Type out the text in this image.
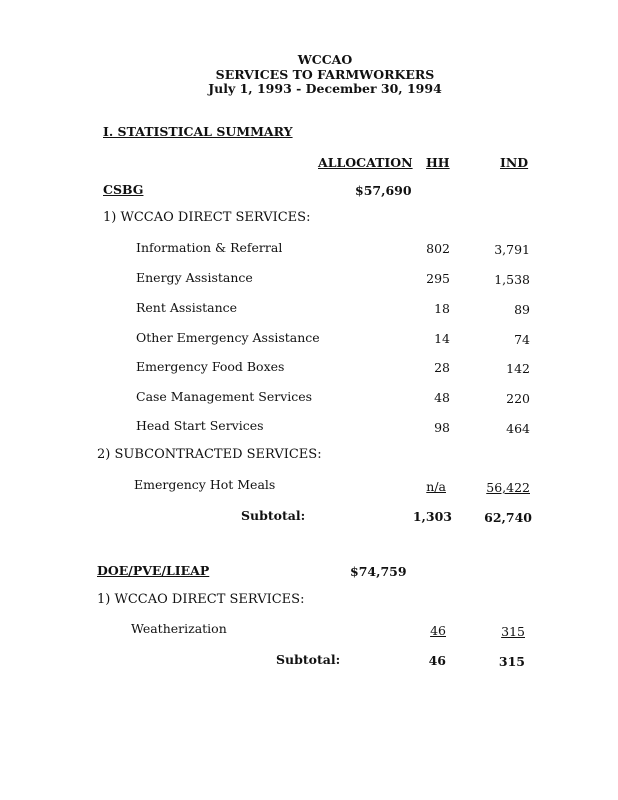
WCCAO
SERVICES TO FARMWORKERS
July 1, 1993 - December 30, 1994
I. STATISTICAL SUMMARY
ALLOCATION HH	IND
CSBG	$57,690
1) WCCAO DIRECT SERVICES:
Information & Referral	802	3,791
Energy Assistance	295	1,538
Rent Assistance	18	89
Other Emergency Assistance	14	74
Emergency Food Boxes	28	142
Case Management Services	48	220
Head Start Services	98	464
2) SUBCONTRACTED SERVICES:
Emergency Hot Meals	n/a	56,422
Subtotal:	1,303	62,740
DOE/PVE/LIEAP	$74,759
1) WCCAO DIRECT SERVICES:
Weatherization	46	315
Subtotal:	46	315
